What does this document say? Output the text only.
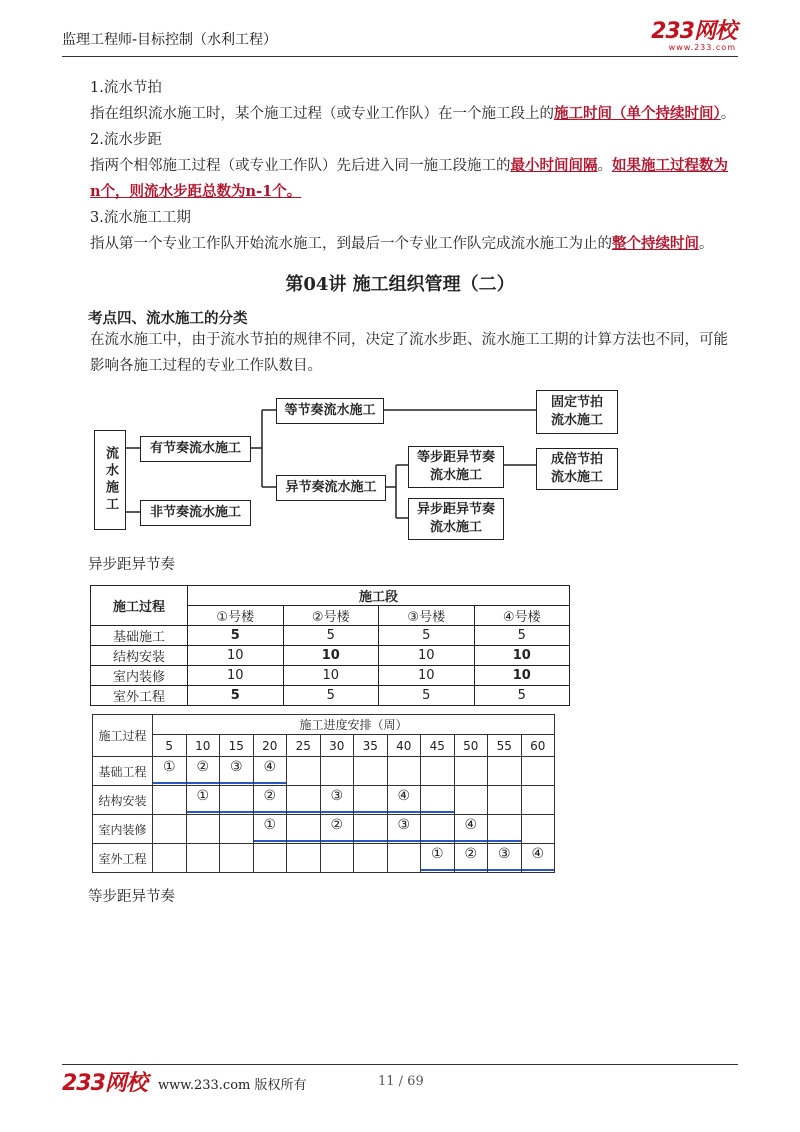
监理工程师-目标控制（水利工程）	233网校
www.233.com
1.流水节拍
指在组织流水施工时，某个施工过程（或专业工作队）在一个施工段上的施工时间（单个持续时间）。
2.流水步距
指两个相邻施工过程（或专业工作队）先后进入同一施工段施工的最小时间间隔。如果施工过程数为n个，则流水步距总数为n-1个。
3.流水施工工期
指从第一个专业工作队开始流水施工，到最后一个专业工作队完成流水施工为止的整个持续时间。
第04讲 施工组织管理（二）
考点四、流水施工的分类
在流水施工中，由于流水节拍的规律不同，决定了流水步距、流水施工工期的计算方法也不同，可能影响各施工过程的专业工作队数目。
流水施工	有节奏流水施工
非节奏流水施工
等节奏流水施工
异节奏流水施工
固定节拍
流水施工
等步距异节奏
流水施工
成倍节拍
流水施工
异步距异节奏
流水施工
异步距异节奏
施工过程	施工段			
	①号楼	②号楼	③号楼	④号楼
基础施工	5	5	5	5
结构安装	10	10	10	10
室内装修	10	10	10	10
室外工程	5	5	5	5
施工过程	施工进度安排（周）											
	5	10	15	20	25	30	35	40	45	50	55	60
基础工程	①	②	③	④								

结构安装		①		②		③		④				

室内装修				①		②		③		④		

室外工程									①	②	③	④
等步距异节奏
233网校 www.233.com 版权所有	11 / 69
